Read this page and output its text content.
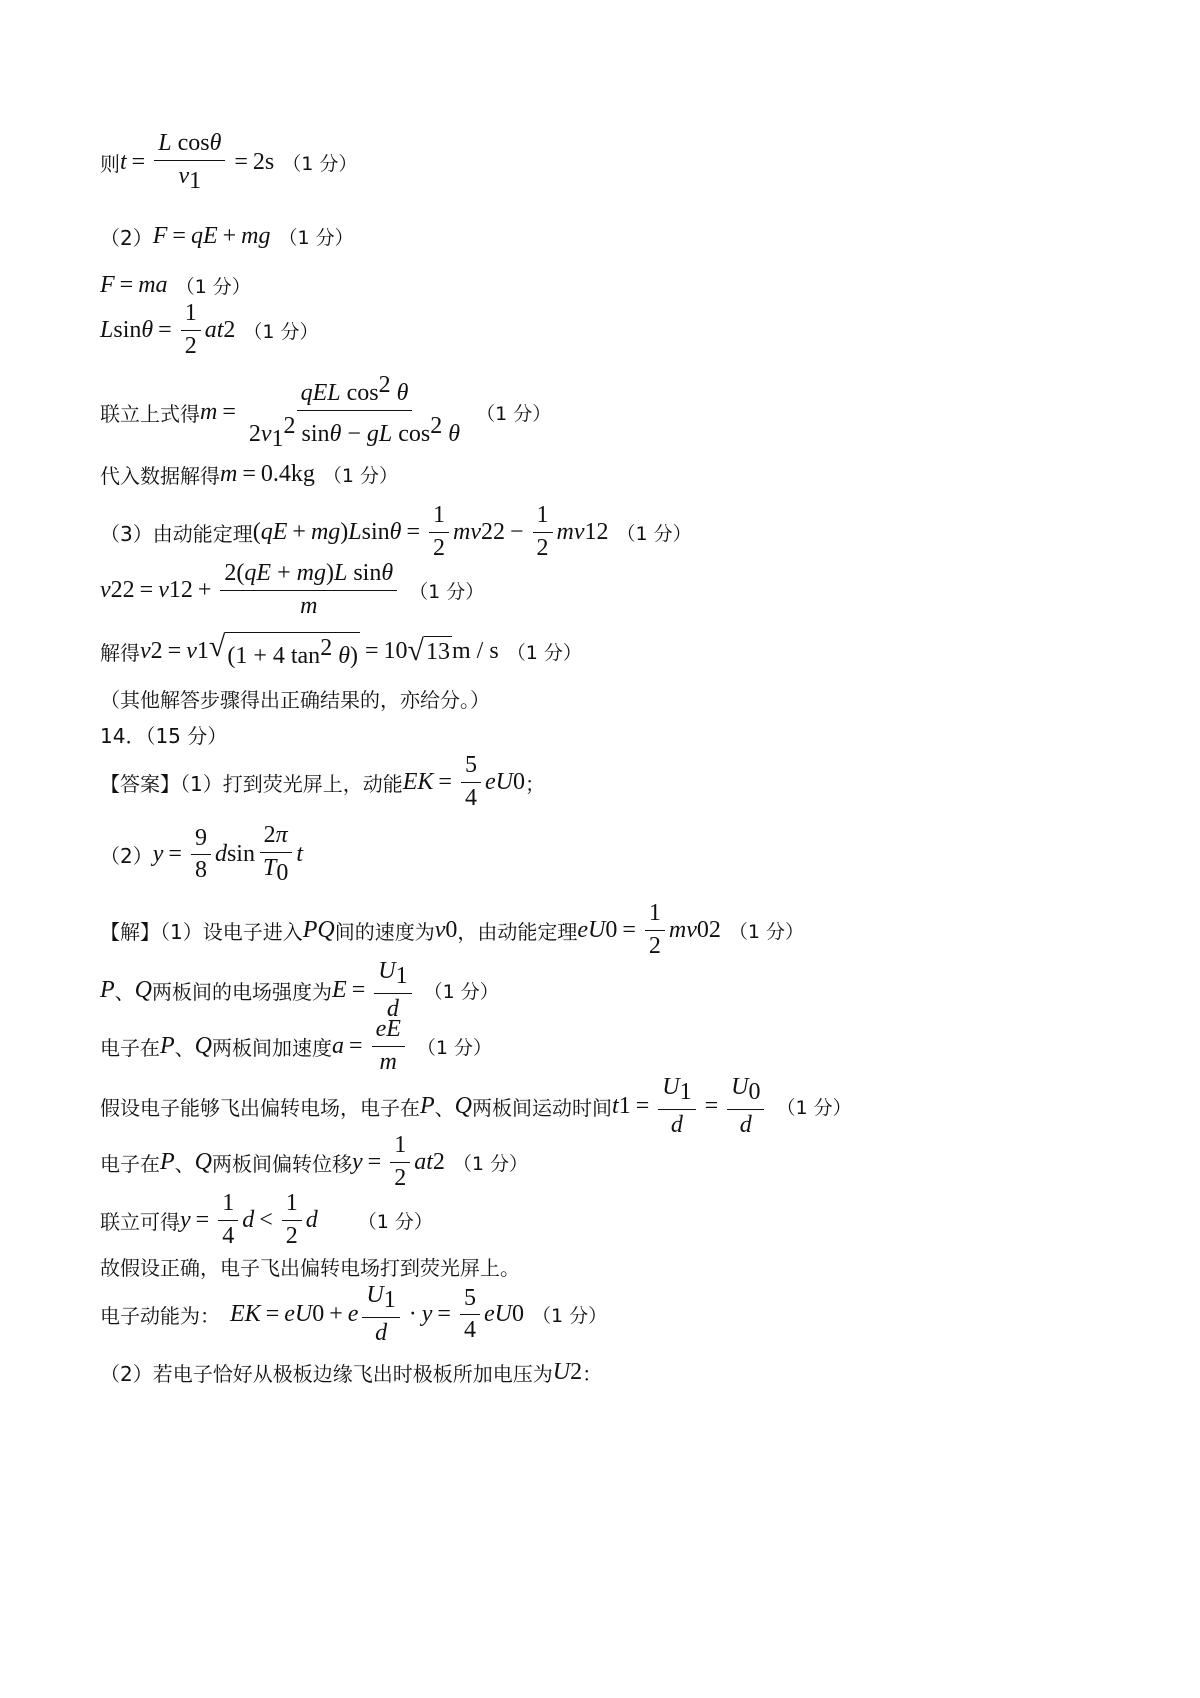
则 $t = \frac{\text{L cosθ}}{v_1} = 2s$ （1 分）
（2） F = qE + mg （1 分）
F = ma （1 分）
L $\sin \theta = \frac{1}{2}$ at 2 （1 分）
联立上式得 $m = \frac{qEL \cos^2 \theta}{2v_1^2 \sin\theta - gL \cos^2 \theta} (1$ 分）
代入数据解得 m = 0.4kg （1 分）
（3）由动能定理 ( qE + mg ) L $\sin \theta = \frac{1}{2}$ mv 2 $2 - \frac{1}{2}$ mv 1 2 （1 分）
v 2 2 = v 1 $2 + \frac{\text{2(qE + mg)L sinθ}}{m} (1$ 分）
解得 v 2 = v 1 √ (1 + 4 $\tan^2 \theta) = 10$ √ 13 m / s （1 分）
（其他解答步骤得出正确结果的，亦给分。）
14．（15 分）
【答案】（1）打到荧光屏上，动能 E $K = \frac{5}{4}$ eU 0 ；
（2） $y = \frac{9}{8}$ d $\sin \frac{2\pi}{T_0}$ t
【解】（1）设电子进入 PQ 间的速度为 v 0 ，由动能定理 eU $0 = \frac{1}{2}$ mv 0 2 （1 分）
P 、 Q 两板间的电场强度为 $E = \frac{U_1}{d} (1$ 分）
电子在 P 、 Q 两板间加速度 $a = \frac{eE}{m} (1$ 分）
假设电子能够飞出偏转电场，电子在 P 、 Q 两板间运动时间 t $1 = \frac{U_1}{d} = \frac{U_0}{d} (1$ 分）
电子在 P 、 Q 两板间偏转位移 $y = \frac{1}{2}$ at 2 （1 分）
联立可得 $y = \frac{1}{4}$ $d < \frac{1}{2}$ d （1 分）
故假设正确，电子飞出偏转电场打到荧光屏上。
电子动能为： E K = eU 0 + e $\frac{U_1}{d} \cdot y = \frac{5}{4}$ eU 0 （1 分）
（2）若电子恰好从极板边缘飞出时极板所加电压为 U 2 ：
